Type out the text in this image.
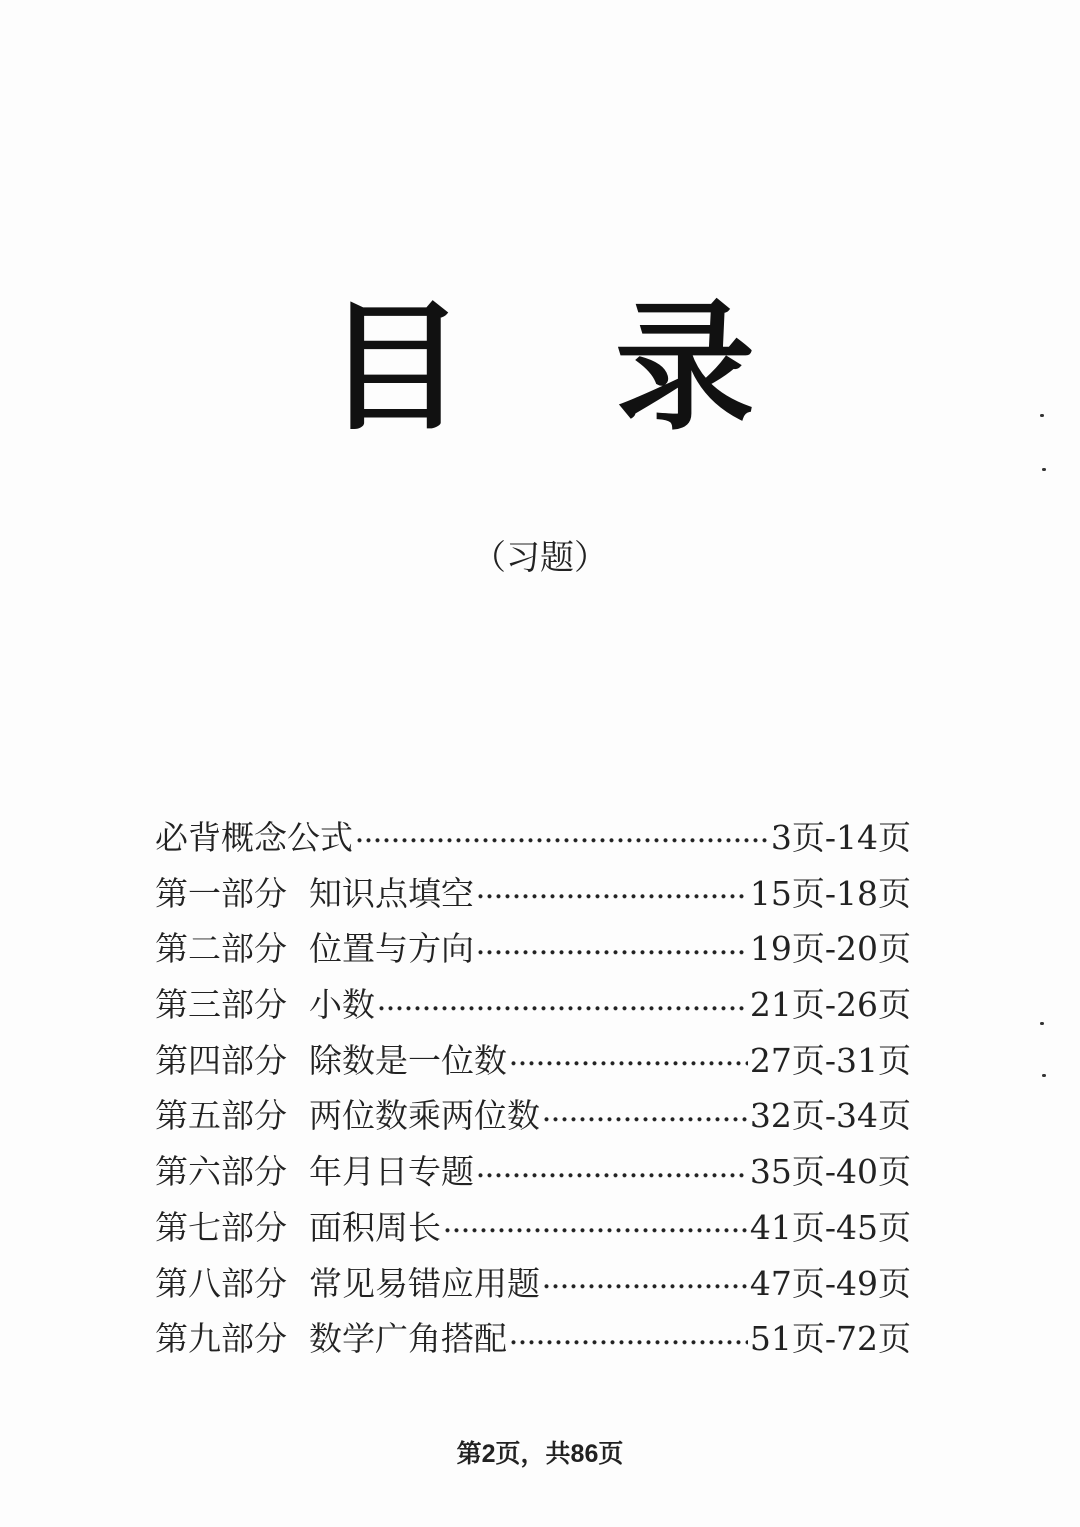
目 录
（习题）
必背概念公式	3页-14页
第一部分 知识点填空	15页-18页
第二部分 位置与方向	19页-20页
第三部分 小数	21页-26页
第四部分 除数是一位数	27页-31页
第五部分 两位数乘两位数	32页-34页
第六部分 年月日专题	35页-40页
第七部分 面积周长	41页-45页
第八部分 常见易错应用题	47页-49页
第九部分 数学广角搭配	51页-72页
第2页，共86页
